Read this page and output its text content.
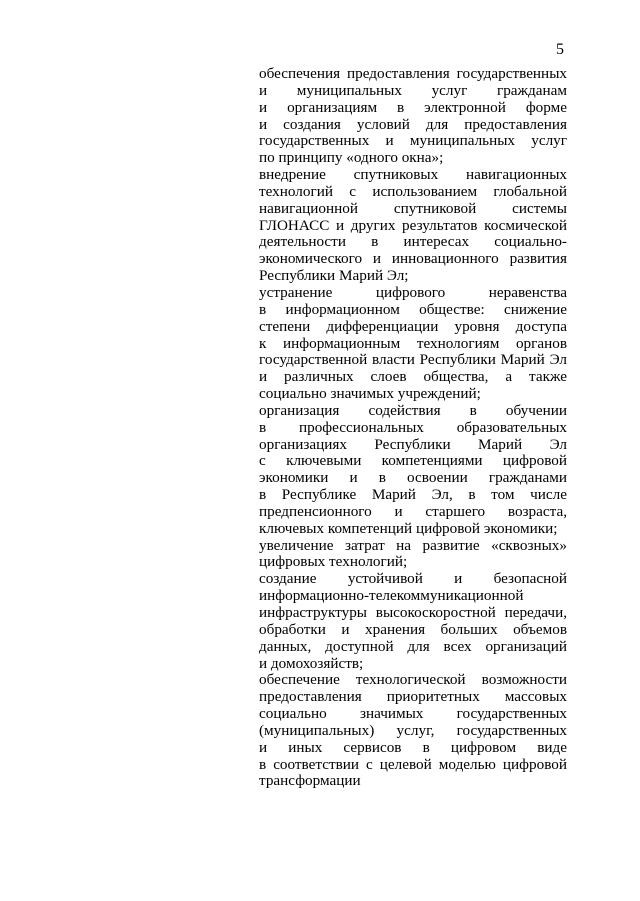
5
обеспечения предоставления государственных
и муниципальных услуг гражданам
и организациям в электронной форме
и создания условий для предоставления
государственных и муниципальных услуг
по принципу «одного окна»;
внедрение спутниковых навигационных
технологий с использованием глобальной
навигационной спутниковой системы
ГЛОНАСС и других результатов космической
деятельности в интересах социально-
экономического и инновационного развития
Республики Марий Эл;
устранение цифрового неравенства
в информационном обществе: снижение
степени дифференциации уровня доступа
к информационным технологиям органов
государственной власти Республики Марий Эл
и различных слоев общества, а также
социально значимых учреждений;
организация содействия в обучении
в профессиональных образовательных
организациях Республики Марий Эл
с ключевыми компетенциями цифровой
экономики и в освоении гражданами
в Республике Марий Эл, в том числе
предпенсионного и старшего возраста,
ключевых компетенций цифровой экономики;
увеличение затрат на развитие «сквозных»
цифровых технологий;
создание устойчивой и безопасной
информационно-телекоммуникационной
инфраструктуры высокоскоростной передачи,
обработки и хранения больших объемов
данных, доступной для всех организаций
и домохозяйств;
обеспечение технологической возможности
предоставления приоритетных массовых
социально значимых государственных
(муниципальных) услуг, государственных
и иных сервисов в цифровом виде
в соответствии с целевой моделью цифровой
трансформации
